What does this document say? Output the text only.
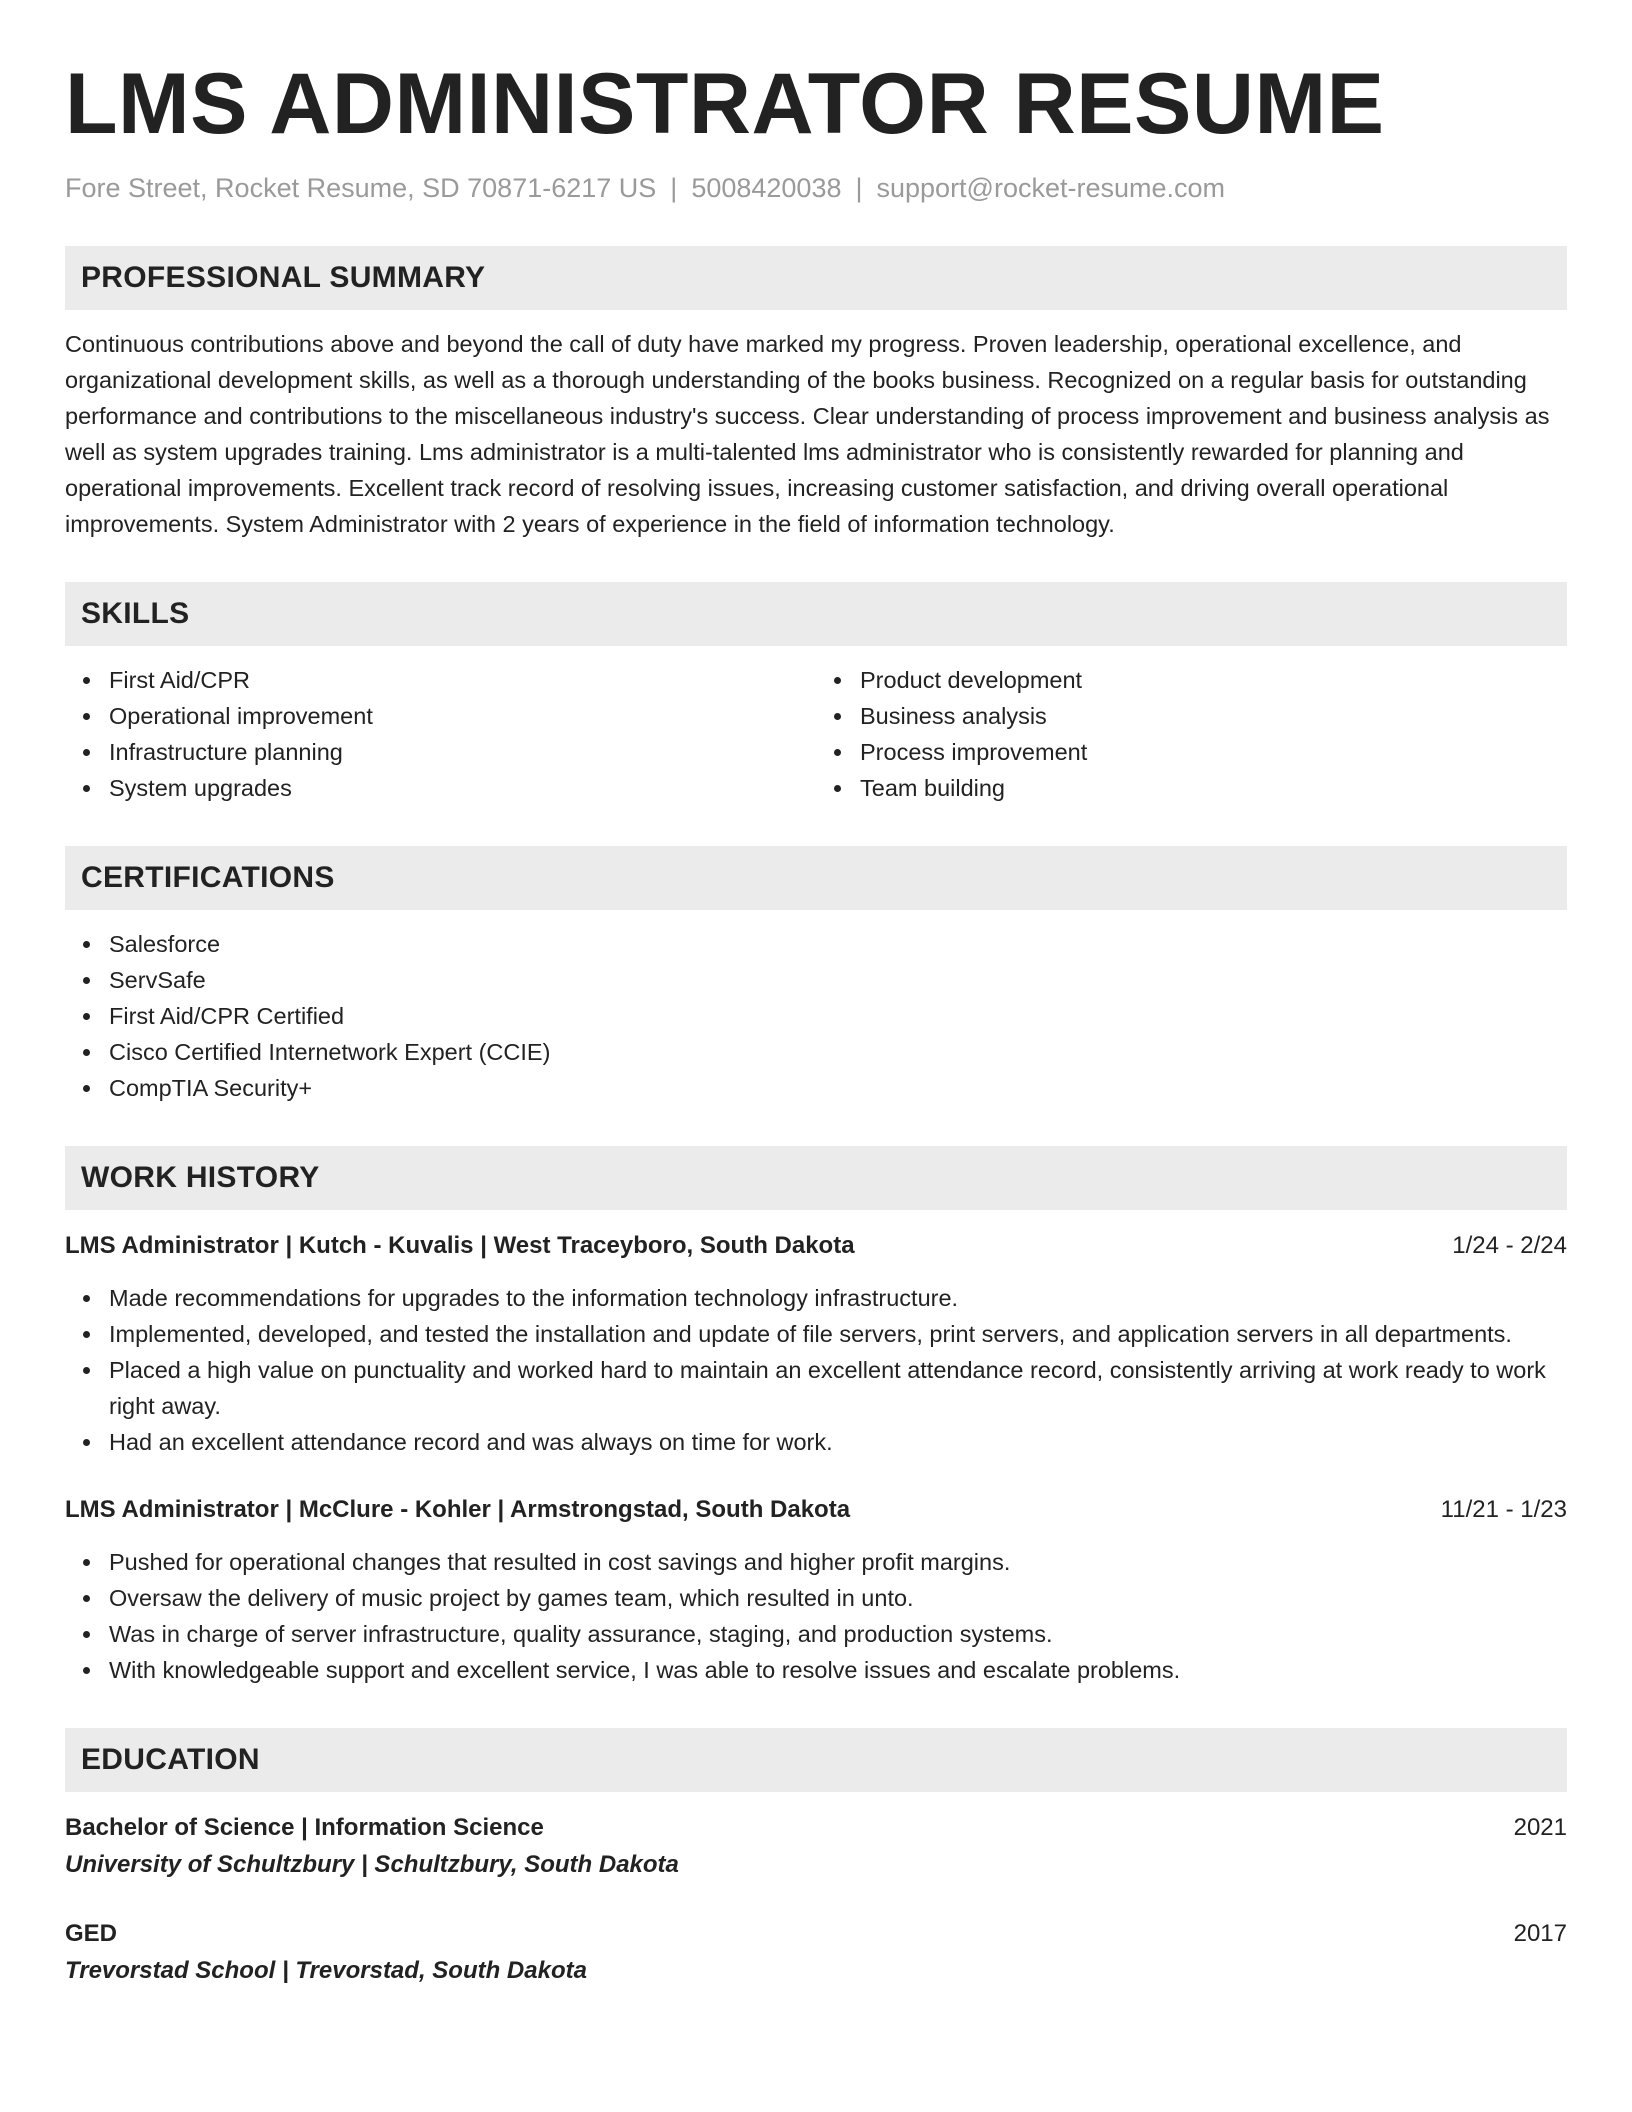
LMS ADMINISTRATOR RESUME
Fore Street, Rocket Resume, SD 70871-6217 US | 5008420038 | support@rocket-resume.com
PROFESSIONAL SUMMARY

Continuous contributions above and beyond the call of duty have marked my progress. Proven leadership, operational excellence, and organizational development skills, as well as a thorough understanding of the books business. Recognized on a regular basis for outstanding performance and contributions to the miscellaneous industry's success. Clear understanding of process improvement and business analysis as well as system upgrades training. Lms administrator is a multi-talented lms administrator who is consistently rewarded for planning and operational improvements. Excellent track record of resolving issues, increasing customer satisfaction, and driving overall operational improvements. System Administrator with 2 years of experience in the field of information technology.

SKILLS
First Aid/CPR
Operational improvement
Infrastructure planning
System upgrades
Product development
Business analysis
Process improvement
Team building
CERTIFICATIONS
Salesforce
ServSafe
First Aid/CPR Certified
Cisco Certified Internetwork Expert (CCIE)
CompTIA Security+
WORK HISTORY
LMS Administrator | Kutch - Kuvalis | West Traceyboro, South Dakota	1/24 - 2/24
Made recommendations for upgrades to the information technology infrastructure.
Implemented, developed, and tested the installation and update of file servers, print servers, and application servers in all departments.
Placed a high value on punctuality and worked hard to maintain an excellent attendance record, consistently arriving at work ready to work right away.
Had an excellent attendance record and was always on time for work.
LMS Administrator | McClure - Kohler | Armstrongstad, South Dakota	11/21 - 1/23
Pushed for operational changes that resulted in cost savings and higher profit margins.
Oversaw the delivery of music project by games team, which resulted in unto.
Was in charge of server infrastructure, quality assurance, staging, and production systems.
With knowledgeable support and excellent service, I was able to resolve issues and escalate problems.
EDUCATION
Bachelor of Science | Information Science	2021
University of Schultzbury | Schultzbury, South Dakota
GED	2017
Trevorstad School | Trevorstad, South Dakota
